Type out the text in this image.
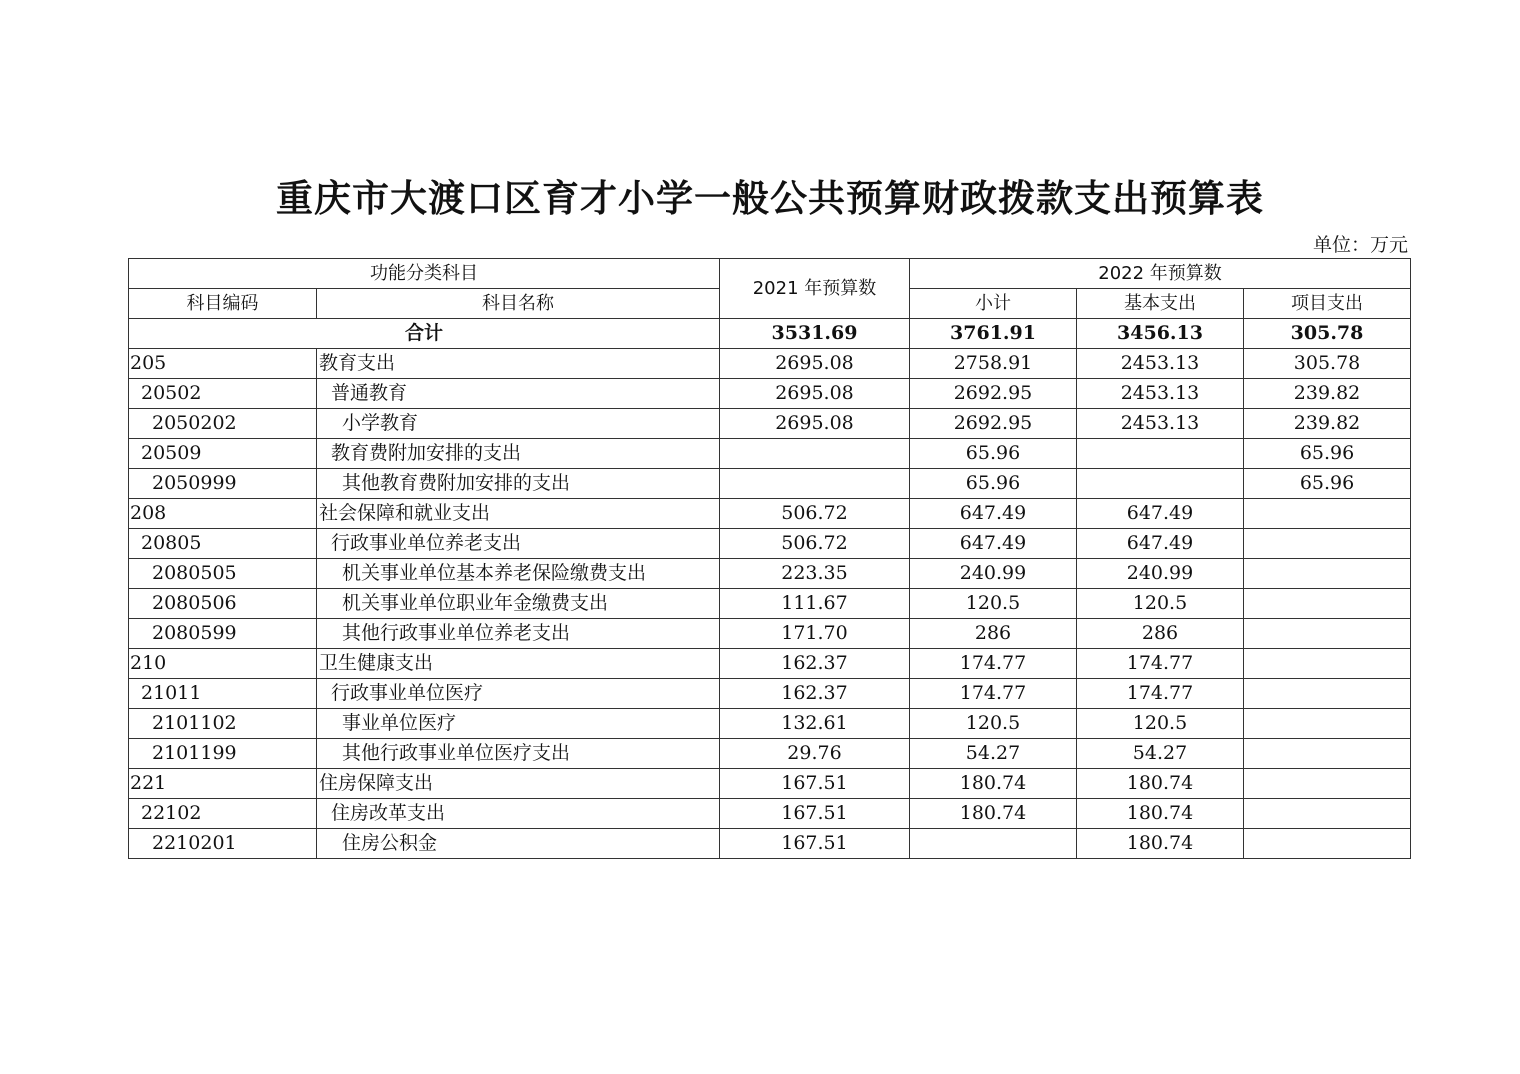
重庆市大渡口区育才小学一般公共预算财政拨款支出预算表
单位：万元
功能分类科目		2021 年预算数	2022 年预算数		
科目编码	科目名称		小计	基本支出	项目支出
合计		3531.69	3761.91	3456.13	305.78
205	教育支出	2695.08	2758.91	2453.13	305.78
20502	普通教育	2695.08	2692.95	2453.13	239.82
2050202	小学教育	2695.08	2692.95	2453.13	239.82
20509	教育费附加安排的支出		65.96		65.96
2050999	其他教育费附加安排的支出		65.96		65.96
208	社会保障和就业支出	506.72	647.49	647.49	
20805	行政事业单位养老支出	506.72	647.49	647.49	
2080505	机关事业单位基本养老保险缴费支出	223.35	240.99	240.99	
2080506	机关事业单位职业年金缴费支出	111.67	120.5	120.5	
2080599	其他行政事业单位养老支出	171.70	286	286	
210	卫生健康支出	162.37	174.77	174.77	
21011	行政事业单位医疗	162.37	174.77	174.77	
2101102	事业单位医疗	132.61	120.5	120.5	
2101199	其他行政事业单位医疗支出	29.76	54.27	54.27	
221	住房保障支出	167.51	180.74	180.74	
22102	住房改革支出	167.51	180.74	180.74	
2210201	住房公积金	167.51		180.74	
